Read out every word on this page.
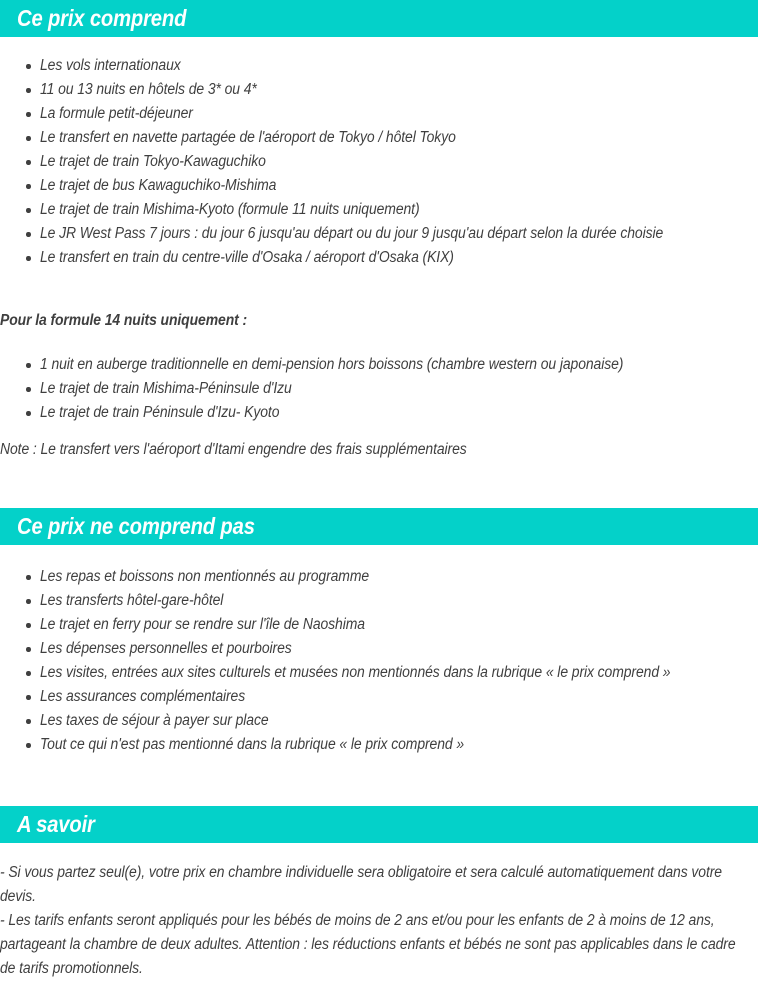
Ce prix comprend
Les vols internationaux
11 ou 13 nuits en hôtels de 3* ou 4*
La formule petit-déjeuner
Le transfert en navette partagée de l'aéroport de Tokyo / hôtel Tokyo
Le trajet de train Tokyo-Kawaguchiko
Le trajet de bus Kawaguchiko-Mishima
Le trajet de train Mishima-Kyoto (formule 11 nuits uniquement)
Le JR West Pass 7 jours : du jour 6 jusqu'au départ ou du jour 9 jusqu'au départ selon la durée choisie
Le transfert en train du centre-ville d'Osaka / aéroport d'Osaka (KIX)
Pour la formule 14 nuits uniquement :
1 nuit en auberge traditionnelle en demi-pension hors boissons (chambre western ou japonaise)
Le trajet de train Mishima-Péninsule d'Izu
Le trajet de train Péninsule d'Izu- Kyoto
Note : Le transfert vers l'aéroport d'Itami engendre des frais supplémentaires
Ce prix ne comprend pas
Les repas et boissons non mentionnés au programme
Les transferts hôtel-gare-hôtel
Le trajet en ferry pour se rendre sur l'île de Naoshima
Les dépenses personnelles et pourboires
Les visites, entrées aux sites culturels et musées non mentionnés dans la rubrique « le prix comprend »
Les assurances complémentaires
Les taxes de séjour à payer sur place
Tout ce qui n'est pas mentionné dans la rubrique « le prix comprend »
A savoir

- Si vous partez seul(e), votre prix en chambre individuelle sera obligatoire et sera calculé automatiquement dans votre devis.

- Les tarifs enfants seront appliqués pour les bébés de moins de 2 ans et/ou pour les enfants de 2 à moins de 12 ans, partageant la chambre de deux adultes. Attention : les réductions enfants et bébés ne sont pas applicables dans le cadre de tarifs promotionnels.
